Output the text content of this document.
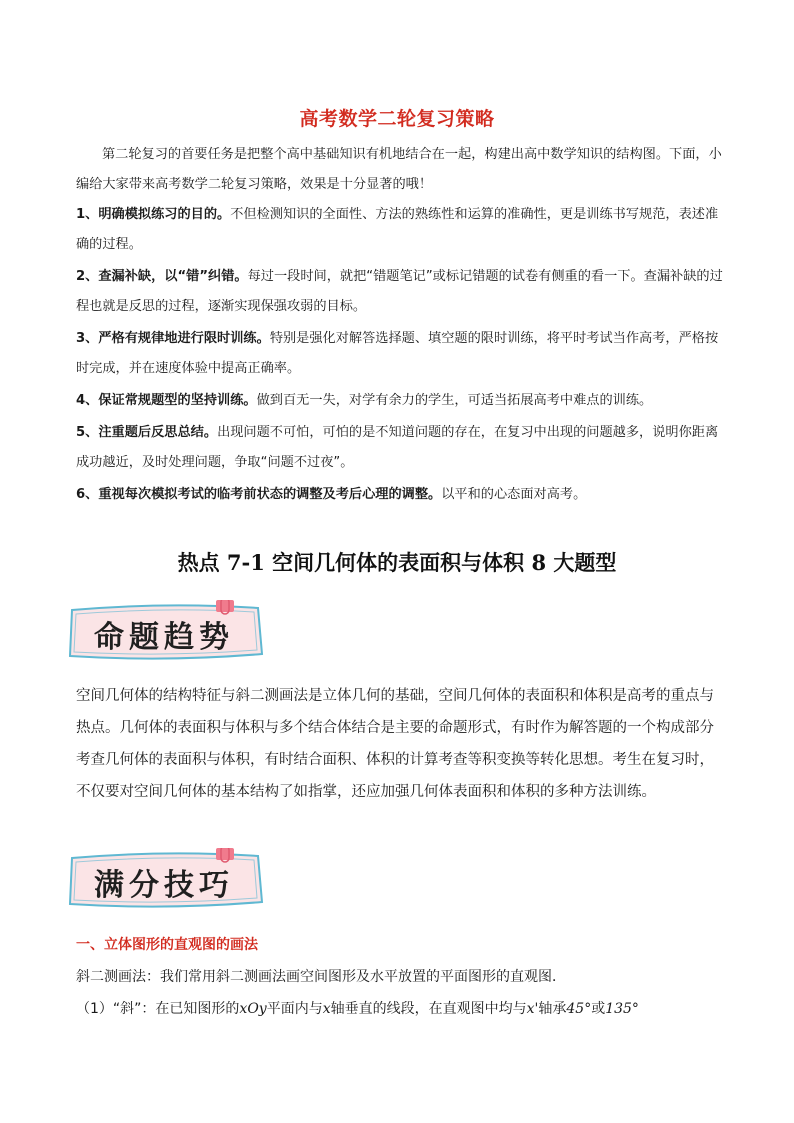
高考数学二轮复习策略
第二轮复习的首要任务是把整个高中基础知识有机地结合在一起，构建出高中数学知识的结构图。下面，小编给大家带来高考数学二轮复习策略，效果是十分显著的哦！
1、明确模拟练习的目的。不但检测知识的全面性、方法的熟练性和运算的准确性，更是训练书写规范，表述准确的过程。
2、查漏补缺，以“错”纠错。每过一段时间，就把“错题笔记”或标记错题的试卷有侧重的看一下。查漏补缺的过程也就是反思的过程，逐渐实现保强攻弱的目标。
3、严格有规律地进行限时训练。特别是强化对解答选择题、填空题的限时训练，将平时考试当作高考，严格按时完成，并在速度体验中提高正确率。
4、保证常规题型的坚持训练。做到百无一失，对学有余力的学生，可适当拓展高考中难点的训练。
5、注重题后反思总结。出现问题不可怕，可怕的是不知道问题的存在，在复习中出现的问题越多，说明你距离成功越近，及时处理问题，争取“问题不过夜”。
6、重视每次模拟考试的临考前状态的调整及考后心理的调整。以平和的心态面对高考。
热点 7-1 空间几何体的表面积与体积 8 大题型
命题趋势
空间几何体的结构特征与斜二测画法是立体几何的基础，空间几何体的表面积和体积是高考的重点与热点。几何体的表面积与体积与多个结合体结合是主要的命题形式，有时作为解答题的一个构成部分考查几何体的表面积与体积，有时结合面积、体积的计算考查等积变换等转化思想。考生在复习时，不仅要对空间几何体的基本结构了如指掌，还应加强几何体表面积和体积的多种方法训练。
满分技巧
一、立体图形的直观图的画法
斜二测画法：我们常用斜二测画法画空间图形及水平放置的平面图形的直观图．
（1）“斜”：在已知图形的xOy平面内与x轴垂直的线段，在直观图中均与x'轴承45°或135°
